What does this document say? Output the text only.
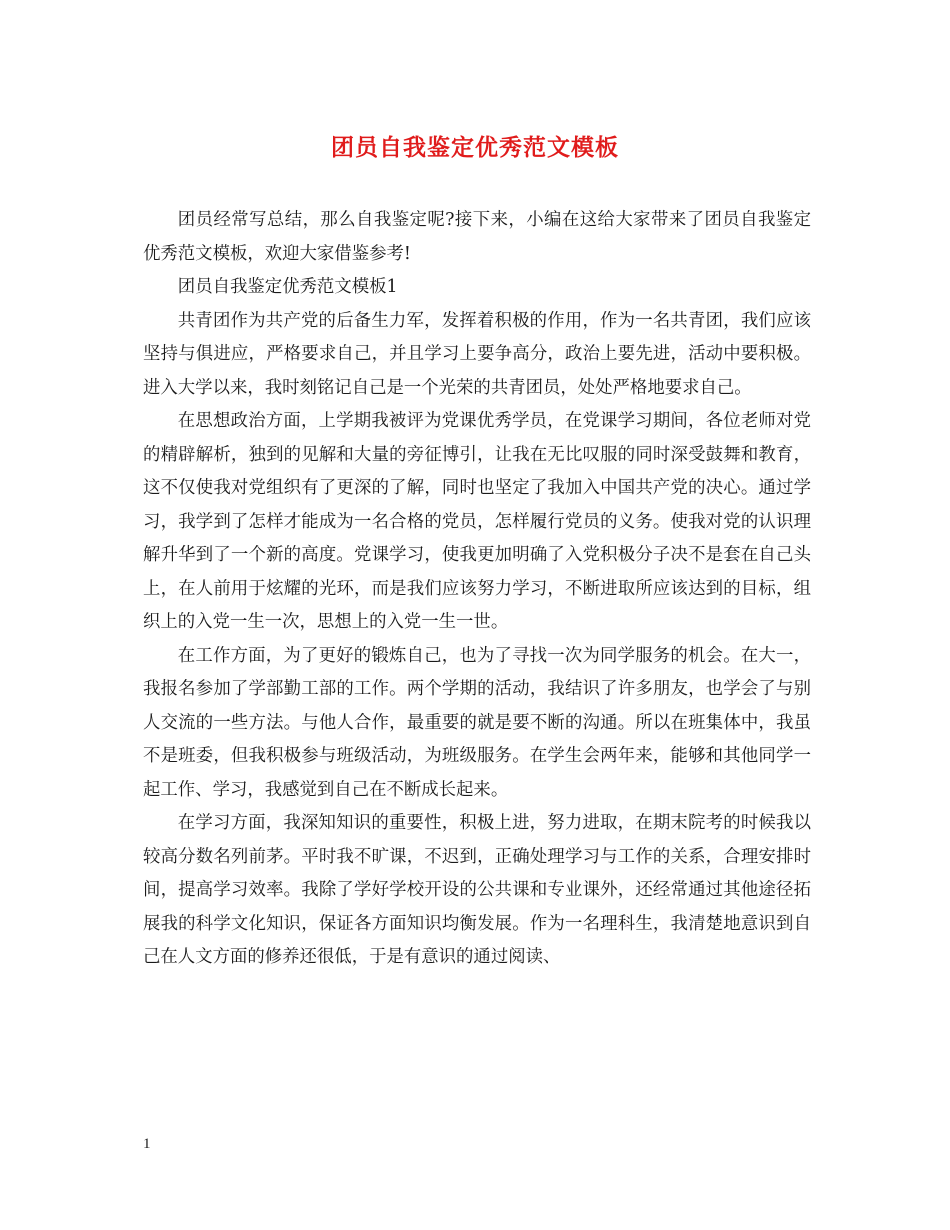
团员自我鉴定优秀范文模板

团员经常写总结，那么自我鉴定呢?接下来，小编在这给大家带来了团员自我鉴定优秀范文模板，欢迎大家借鉴参考!

团员自我鉴定优秀范文模板1

共青团作为共产党的后备生力军，发挥着积极的作用，作为一名共青团，我们应该坚持与俱进应，严格要求自己，并且学习上要争高分，政治上要先进，活动中要积极。进入大学以来，我时刻铭记自己是一个光荣的共青团员，处处严格地要求自己。

在思想政治方面，上学期我被评为党课优秀学员，在党课学习期间，各位老师对党的精辟解析，独到的见解和大量的旁征博引，让我在无比叹服的同时深受鼓舞和教育，这不仅使我对党组织有了更深的了解，同时也坚定了我加入中国共产党的决心。通过学习，我学到了怎样才能成为一名合格的党员，怎样履行党员的义务。使我对党的认识理解升华到了一个新的高度。党课学习，使我更加明确了入党积极分子决不是套在自己头上，在人前用于炫耀的光环，而是我们应该努力学习，不断进取所应该达到的目标，组织上的入党一生一次，思想上的入党一生一世。

在工作方面，为了更好的锻炼自己，也为了寻找一次为同学服务的机会。在大一，我报名参加了学部勤工部的工作。两个学期的活动，我结识了许多朋友，也学会了与别人交流的一些方法。与他人合作，最重要的就是要不断的沟通。所以在班集体中，我虽不是班委，但我积极参与班级活动，为班级服务。在学生会两年来，能够和其他同学一起工作、学习，我感觉到自己在不断成长起来。

在学习方面，我深知知识的重要性，积极上进，努力进取，在期末院考的时候我以较高分数名列前茅。平时我不旷课，不迟到，正确处理学习与工作的关系，合理安排时间，提高学习效率。我除了学好学校开设的公共课和专业课外，还经常通过其他途径拓展我的科学文化知识，保证各方面知识均衡发展。作为一名理科生，我清楚地意识到自己在人文方面的修养还很低，于是有意识的通过阅读、

1
